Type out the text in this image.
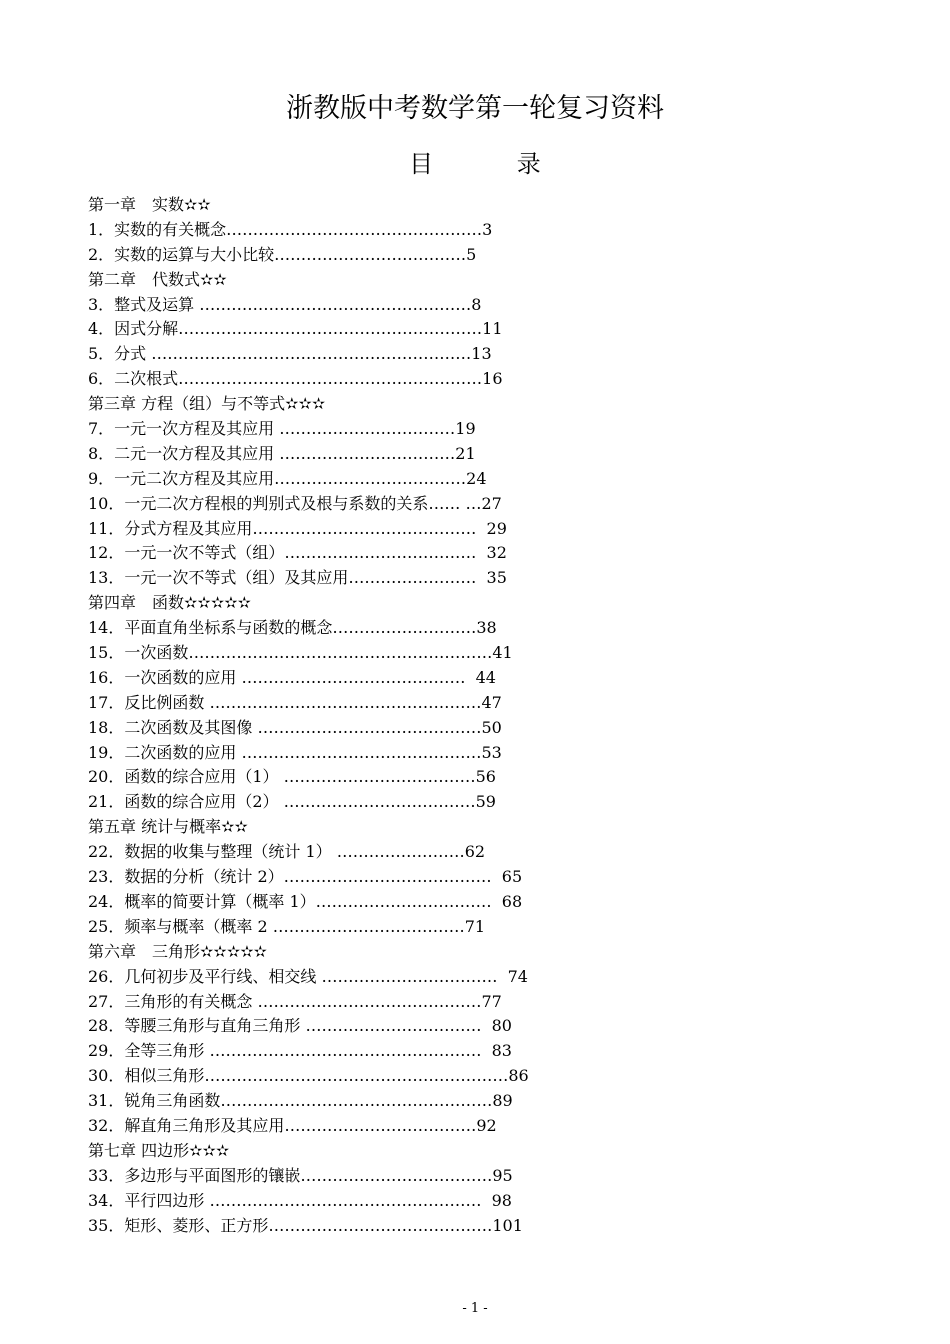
浙教版中考数学第一轮复习资料
目 录
第一章　实数✫✫
1．实数的有关概念…………………………………………3
2．实数的运算与大小比较………………………………5
第二章　代数式✫✫
3．整式及运算 ……………………………………………8
4．因式分解…………………………………………………11
5．分式 ……………………………………………………13
6．二次根式…………………………………………………16
第三章 方程（组）与不等式✫✫✫
7．一元一次方程及其应用 ……………………………19
8．二元一次方程及其应用 ……………………………21
9．一元二次方程及其应用………………………………24
10．一元二次方程根的判别式及根与系数的关系…… …27
11．分式方程及其应用……………………………………  29
12．一元一次不等式（组）………………………………  32
13．一元一次不等式（组）及其应用……………………  35
第四章　函数✫✫✫✫✫
14．平面直角坐标系与函数的概念………………………38
15．一次函数…………………………………………………41
16．一次函数的应用 ……………………………………  44
17．反比例函数 ……………………………………………47
18．二次函数及其图像 ……………………………………50
19．二次函数的应用 ………………………………………53
20．函数的综合应用（1） ………………………………56
21．函数的综合应用（2） ………………………………59
第五章 统计与概率✫✫
22．数据的收集与整理（统计 1） ……………………62
23．数据的分析（统计 2）…………………………………  65
24．概率的简要计算（概率 1）……………………………  68
25．频率与概率（概率 2 ………………………………71
第六章　三角形✫✫✫✫✫
26．几何初步及平行线、相交线 ……………………………  74
27．三角形的有关概念 ……………………………………77
28．等腰三角形与直角三角形 ……………………………  80
29．全等三角形 ……………………………………………  83
30．相似三角形…………………………………………………86
31．锐角三角函数……………………………………………89
32．解直角三角形及其应用………………………………92
第七章 四边形✫✫✫
33．多边形与平面图形的镶嵌………………………………95
34．平行四边形 ……………………………………………  98
35．矩形、菱形、正方形……………………………………101
- 1 -
